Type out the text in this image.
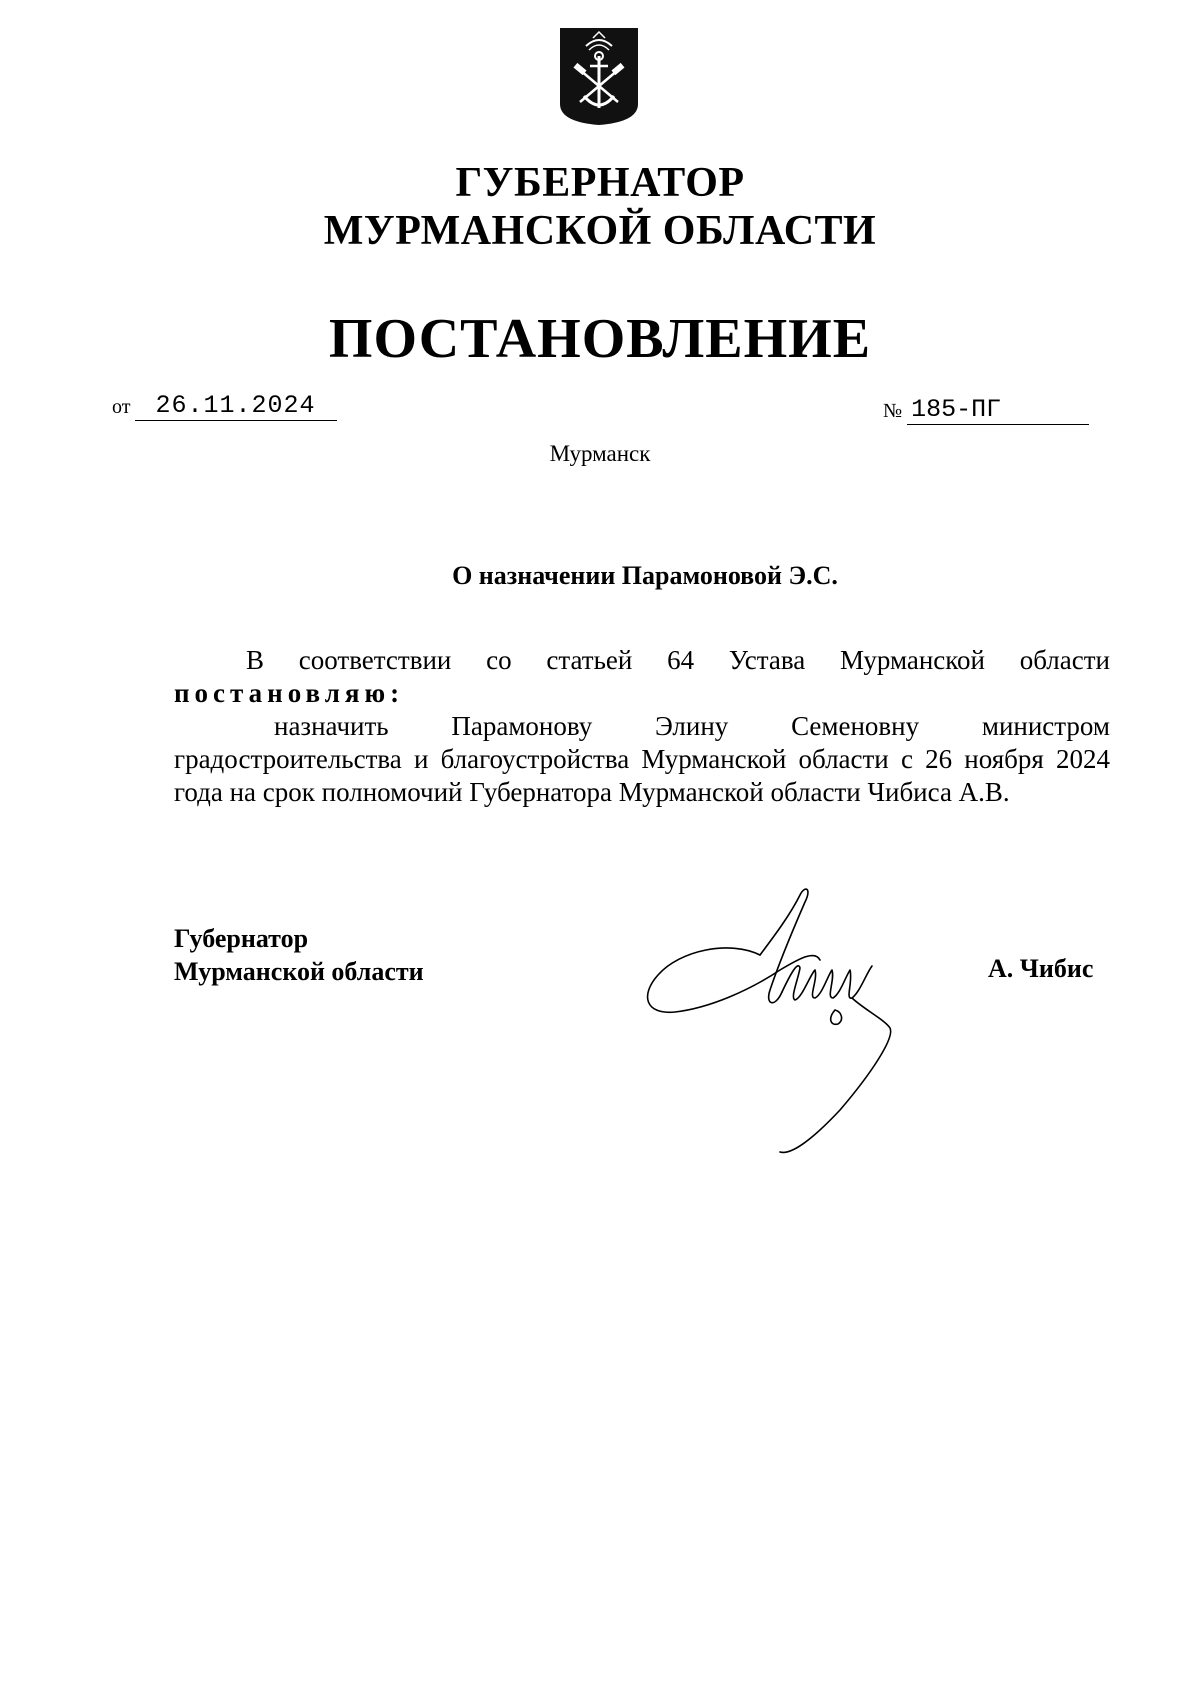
ГУБЕРНАТОР
МУРМАНСКОЙ ОБЛАСТИ
ПОСТАНОВЛЕНИЕ
от 26.11.2024	№ 185-ПГ
Мурманск
О назначении Парамоновой Э.С.

В соответствии со статьей 64 Устава Мурманской области постановляю:

назначить Парамонову Элину Семеновну министром градостроительства и благоустройства Мурманской области с 26 ноября 2024 года на срок полномочий Губернатора Мурманской области Чибиса А.В.

Губернатор
Мурманской области	А. Чибис
